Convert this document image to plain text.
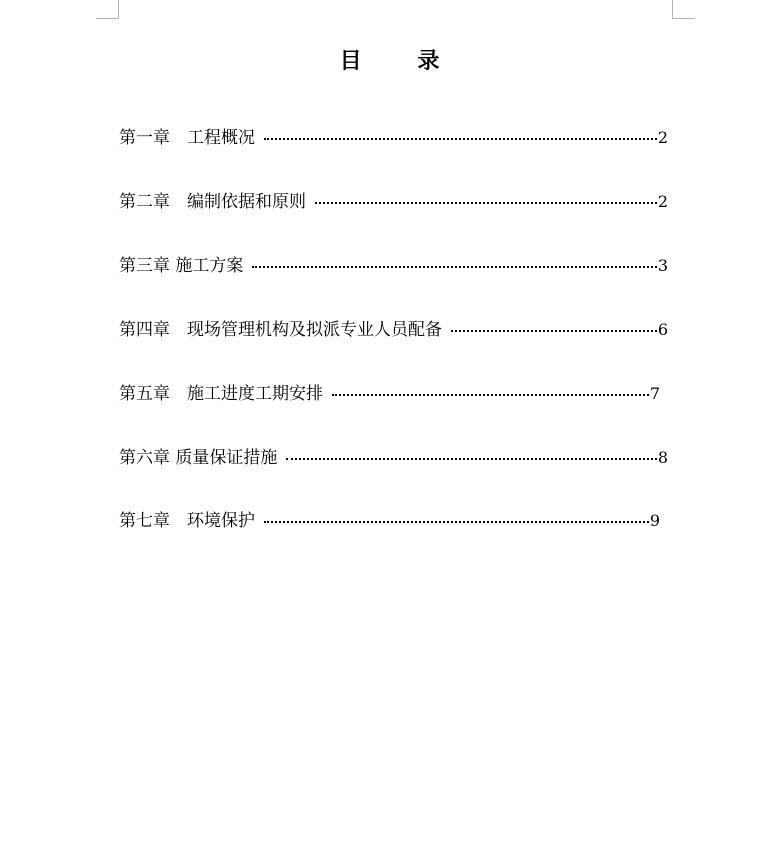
目 录
第一章　工程概况	2
第二章　编制依据和原则	2
第三章 施工方案	3
第四章　现场管理机构及拟派专业人员配备	6
第五章　施工进度工期安排	7
第六章 质量保证措施	8
第七章　环境保护	9
